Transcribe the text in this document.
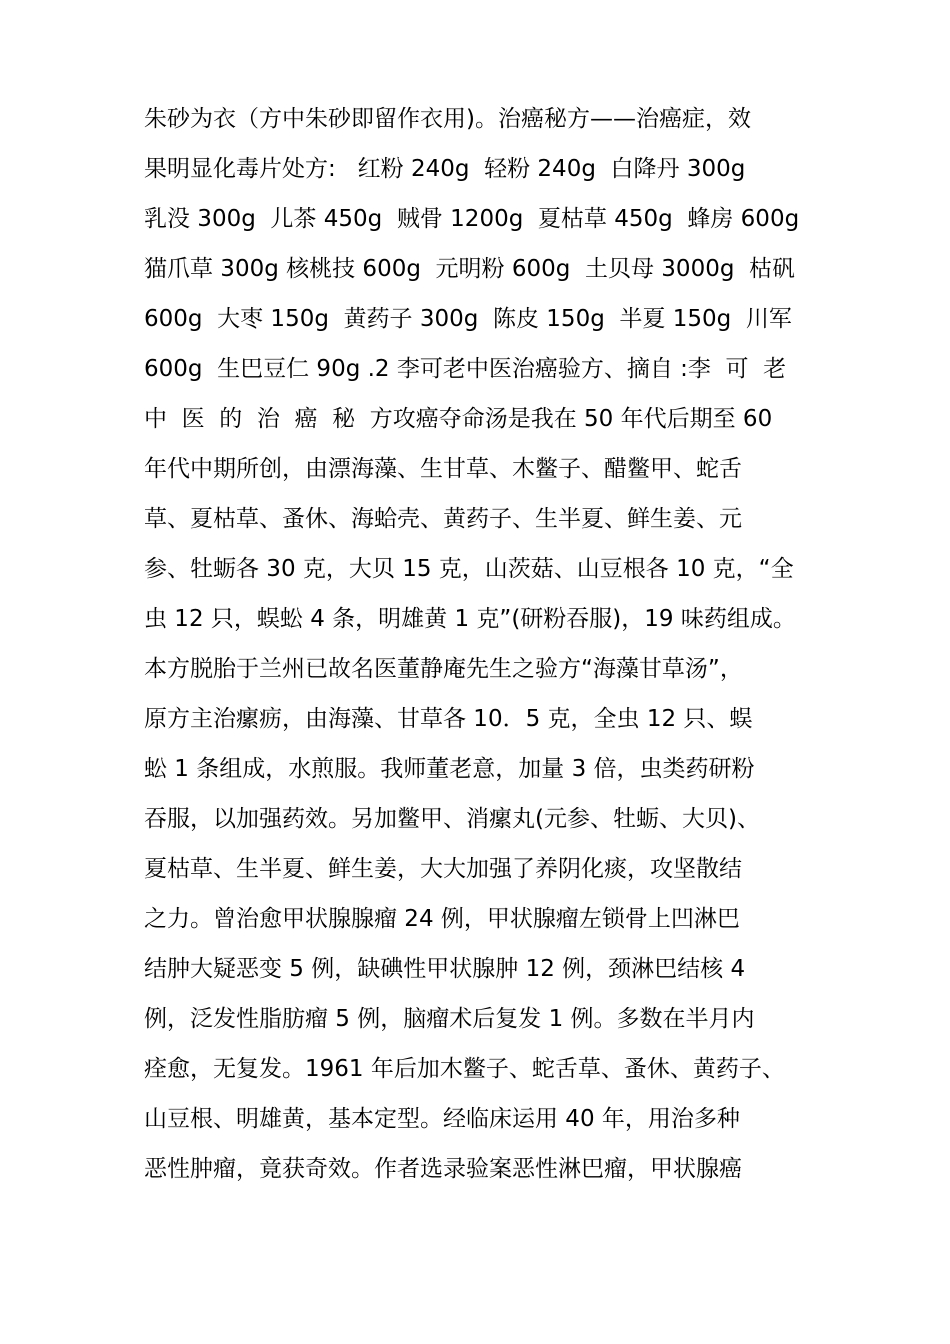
朱砂为衣（方中朱砂即留作衣用)。治癌秘方——治癌症，效
果明显化毒片处方:   红粉 240g  轻粉 240g  白降丹 300g
乳没 300g  儿茶 450g  贼骨 1200g  夏枯草 450g  蜂房 600g
猫爪草 300g 核桃技 600g  元明粉 600g  土贝母 3000g  枯矾
600g  大枣 150g  黄药子 300g  陈皮 150g  半夏 150g  川军
600g  生巴豆仁 90g .2 李可老中医治癌验方、摘自 :李  可  老
中  医  的  治  癌  秘  方攻癌夺命汤是我在 50 年代后期至 60
年代中期所创，由漂海藻、生甘草、木鳖子、醋鳖甲、蛇舌
草、夏枯草、蚤休、海蛤壳、黄药子、生半夏、鲜生姜、元
参、牡蛎各 30 克，大贝 15 克，山茨菇、山豆根各 10 克，“全
虫 12 只，蜈蚣 4 条，明雄黄 1 克”(研粉吞服)，19 味药组成。
本方脱胎于兰州已故名医董静庵先生之验方“海藻甘草汤”，
原方主治瘰疬，由海藻、甘草各 10．5 克，全虫 12 只、蜈
蚣 1 条组成，水煎服。我师董老意，加量 3 倍，虫类药研粉
吞服，以加强药效。另加鳖甲、消瘰丸(元参、牡蛎、大贝)、
夏枯草、生半夏、鲜生姜，大大加强了养阴化痰，攻坚散结
之力。曾治愈甲状腺腺瘤 24 例，甲状腺瘤左锁骨上凹淋巴
结肿大疑恶变 5 例，缺碘性甲状腺肿 12 例，颈淋巴结核 4
例，泛发性脂肪瘤 5 例，脑瘤术后复发 1 例。多数在半月内
痊愈，无复发。1961 年后加木鳖子、蛇舌草、蚤休、黄药子、
山豆根、明雄黄，基本定型。经临床运用 40 年，用治多种
恶性肿瘤，竟获奇效。作者选录验案恶性淋巴瘤，甲状腺癌
